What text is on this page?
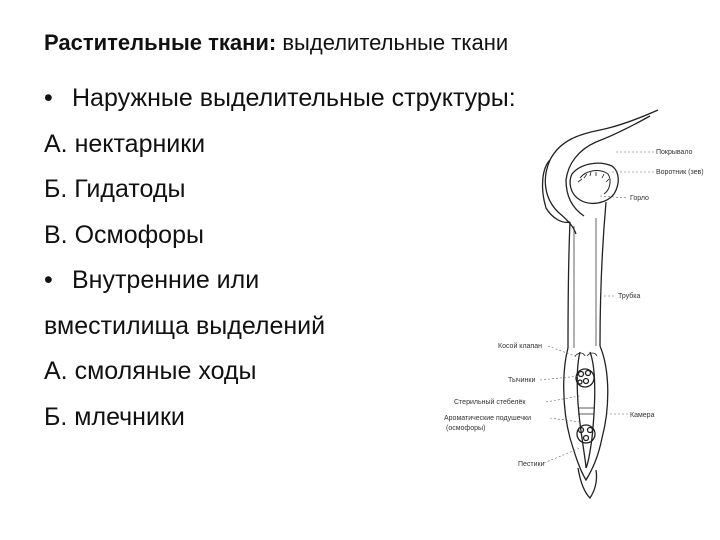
Растительные ткани: выделительные ткани
• Наружные выделительные структуры:
А. нектарники
Б. Гидатоды
В. Осмофоры
• Внутренние или
вместилища выделений
А. смоляные ходы
Б. млечники
Покрывало
Воротник (зев)
Горло
Трубка
Камера
Косой клапан
Тычинки
Стерильный стебелёк
Ароматические подушечки
(осмофоры)
Пестики
